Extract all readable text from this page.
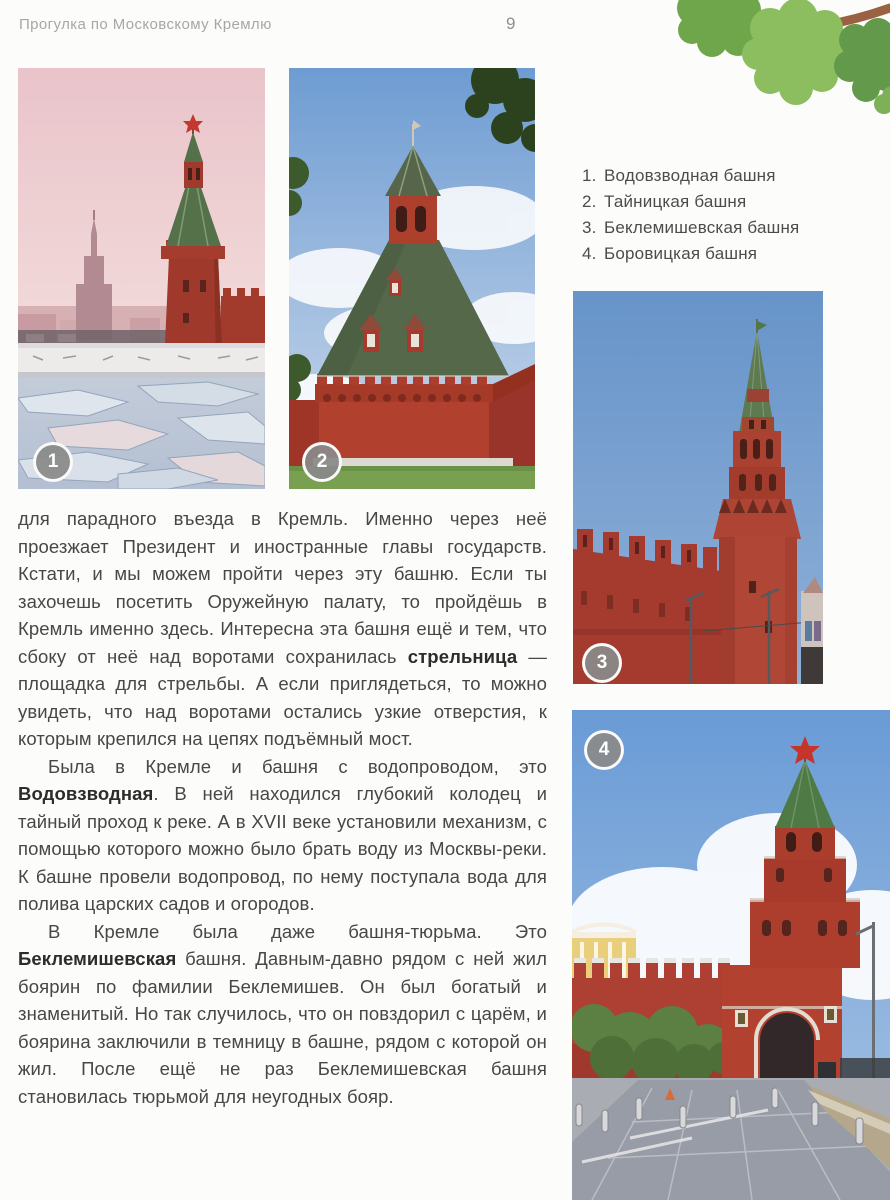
Прогулка по Московскому Кремлю	9
1	2
1. Водовзводная башня
2. Тайницкая башня
3. Беклемишевская башня
4. Боровицкая башня
3
4

для парадного въезда в Кремль. Именно через неё проезжает Президент и иностранные главы государств. Кстати, и мы можем пройти через эту башню. Если ты захочешь посетить Оружейную палату, то пройдёшь в Кремль именно здесь. Интересна эта башня ещё и тем, что сбоку от неё над воротами сохранилась стрельница — площадка для стрельбы. А если приглядеться, то можно увидеть, что над воротами остались узкие отверстия, к которым крепился на цепях подъёмный мост.

Была в Кремле и башня с водопроводом, это Водовзводная. В ней находился глубокий колодец и тайный проход к реке. А в XVII веке установили механизм, с помощью которого можно было брать воду из Москвы-реки. К башне провели водопровод, по нему поступала вода для полива царских садов и огородов.

В Кремле была даже башня-тюрьма. Это Беклемишевская башня. Давным-давно рядом с ней жил боярин по фамилии Беклемишев. Он был богатый и знаменитый. Но так случилось, что он повздорил с царём, и боярина заключили в темницу в башне, рядом с которой он жил. После ещё не раз Беклемишевская башня становилась тюрьмой для неугодных бояр.
